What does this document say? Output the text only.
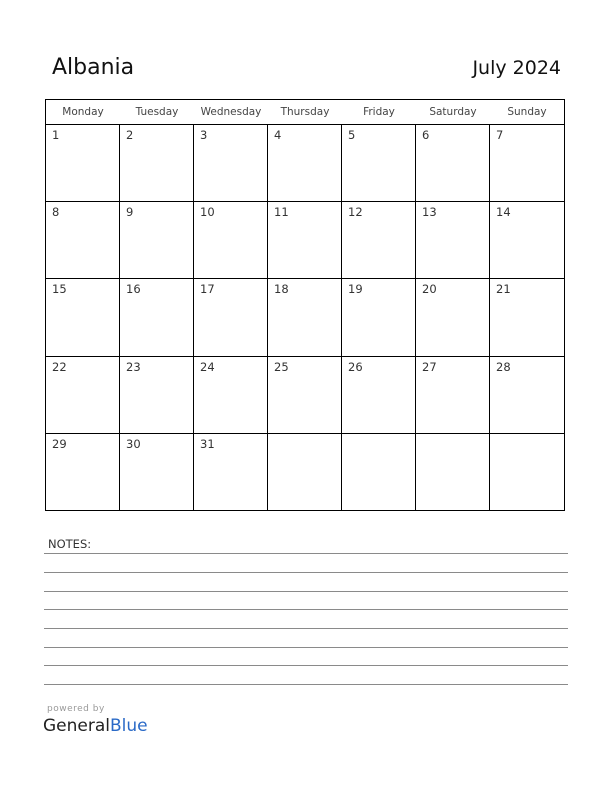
Albania	July 2024
Monday	Tuesday	Wednesday	Thursday	Friday	Saturday	Sunday
1	2	3	4	5	6	7
8	9	10	11	12	13	14
15	16	17	18	19	20	21
22	23	24	25	26	27	28
29	30	31
NOTES:
powered by
GeneralBlue
